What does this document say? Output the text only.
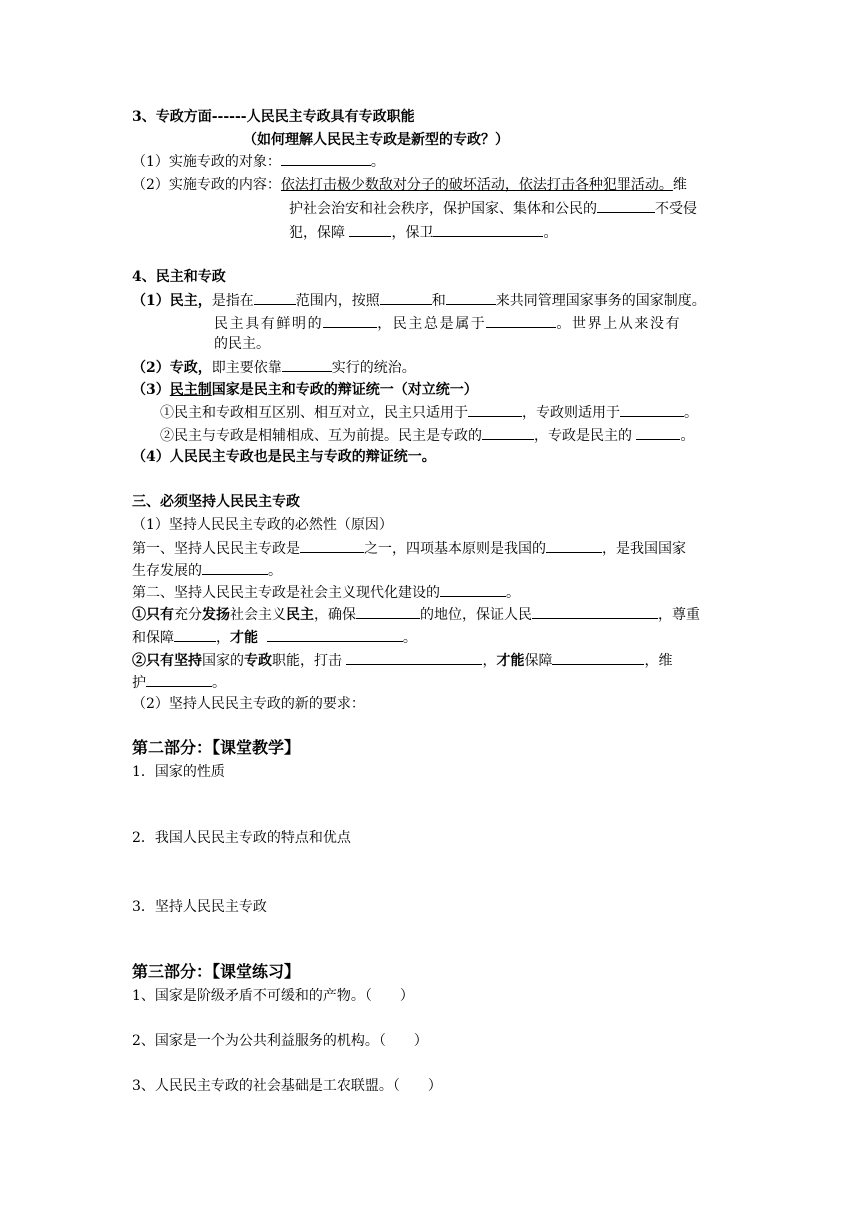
3、专政方面------人民民主专政具有专政职能
（如何理解人民民主专政是新型的专政？）
（1）实施专政的对象：	。
（2）实施专政的内容：依法打击极少数敌对分子的破坏活动，依法打击各种犯罪活动。维
护社会治安和社会秩序，保护国家、集体和公民的	不受侵
犯，保障	，保卫	。
4、民主和专政
（1）民主，是指在	范围内，按照	和	来共同管理国家事务的国家制度。
民主具有鲜明的	，民主总是属于	。世界上从来没有
的民主。
（2）专政，即主要依靠	实行的统治。
（3）民主制国家是民主和专政的辩证统一（对立统一）
①民主和专政相互区别、相互对立，民主只适用于	，专政则适用于	。
②民主与专政是相辅相成、互为前提。民主是专政的	，专政是民主的	。
（4）人民民主专政也是民主与专政的辩证统一。
三、必须坚持人民民主专政
（1）坚持人民民主专政的必然性（原因）
第一、坚持人民民主专政是	之一，四项基本原则是我国的	，是我国国家
生存发展的	。
第二、坚持人民民主专政是社会主义现代化建设的	。
①只有充分发扬社会主义民主，确保	的地位，保证人民	，尊重
和保障	，才能	。
②只有坚持国家的专政职能，打击	，才能保障	，维
护	。
（2）坚持人民民主专政的新的要求：
第二部分：【课堂教学】
1．国家的性质
2．我国人民民主专政的特点和优点
3．坚持人民民主专政
第三部分：【课堂练习】
1、国家是阶级矛盾不可缓和的产物。（　　）
2、国家是一个为公共利益服务的机构。（　　）
3、人民民主专政的社会基础是工农联盟。（　　）
